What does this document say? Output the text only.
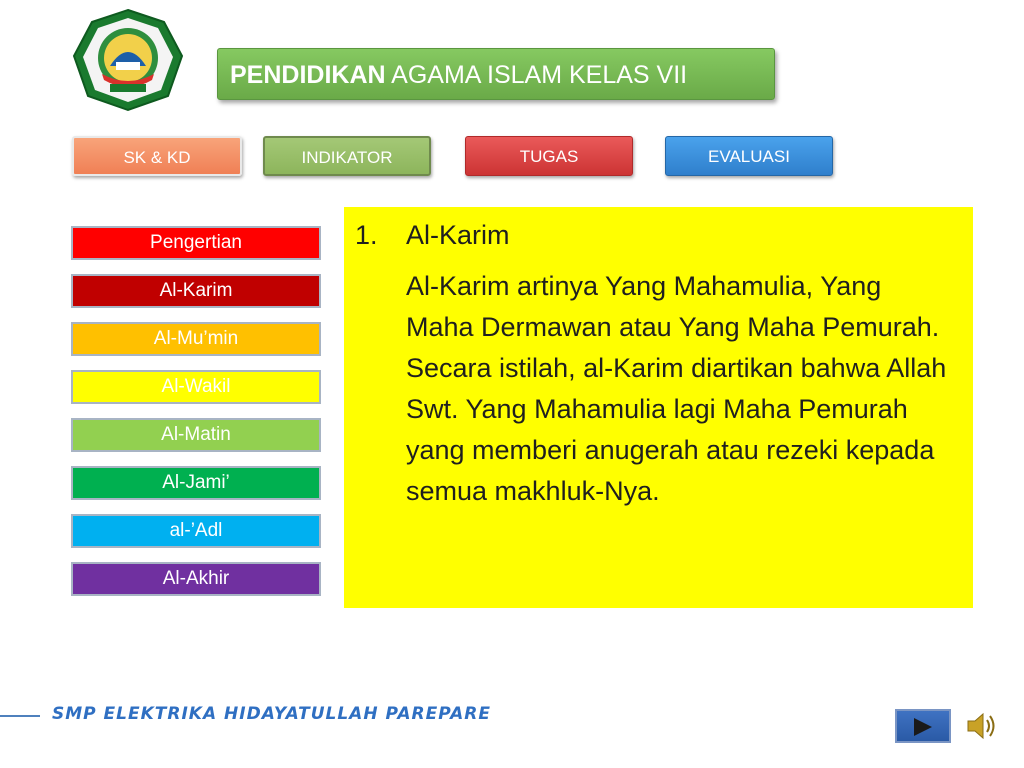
PENDIDIKAN AGAMA ISLAM KELAS VII
SK & KD	INDIKATOR	TUGAS	EVALUASI
Pengertian
Al-Karim
Al-Mu’min
Al-Wakil
Al-Matin
Al-Jami’
al-’Adl
Al-Akhir
1. Al-Karim
Al-Karim artinya Yang Mahamulia, Yang Maha Dermawan atau Yang Maha Pemurah. Secara istilah, al-Karim diartikan bahwa Allah Swt. Yang Mahamulia lagi Maha Pemurah yang memberi anugerah atau rezeki kepada semua makhluk-Nya.
SMP ELEKTRIKA HIDAYATULLAH PAREPARE
